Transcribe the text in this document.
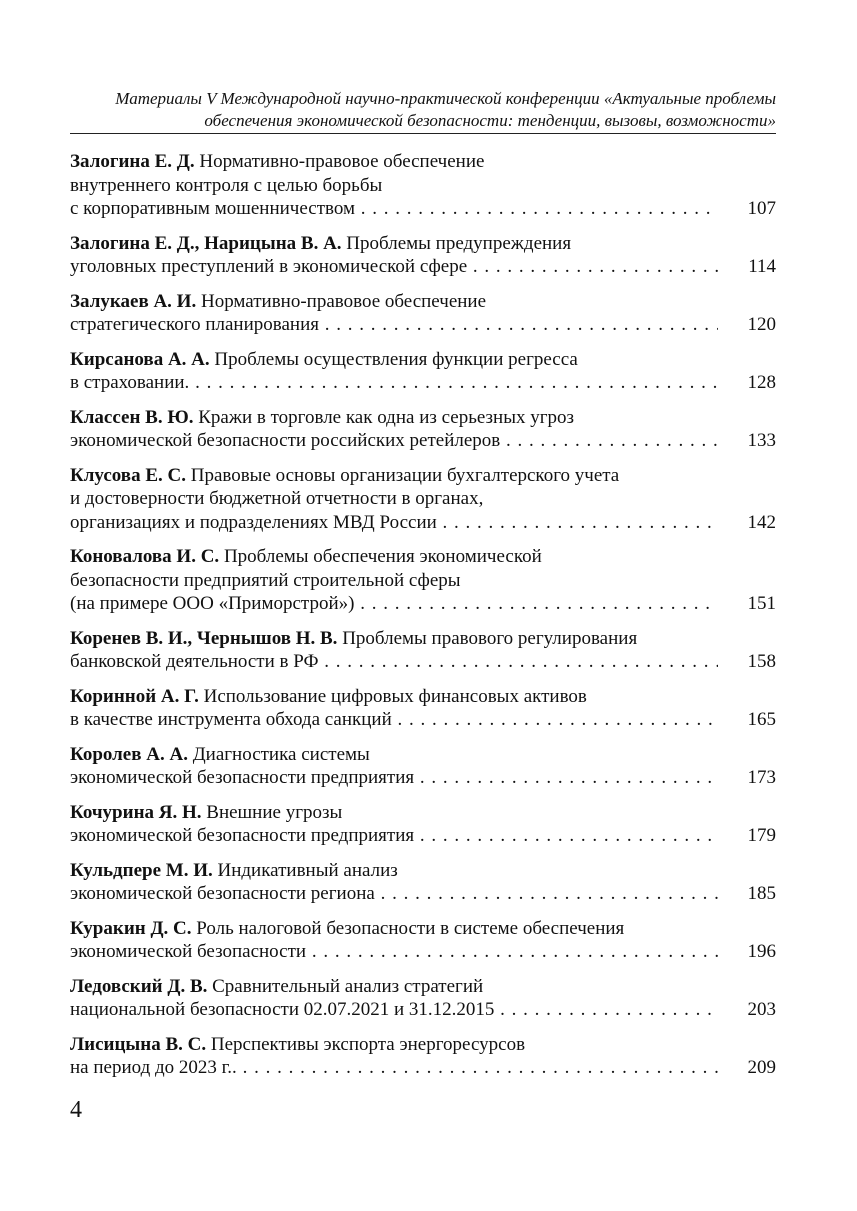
Материалы V Международной научно-практической конференции «Актуальные проблемы
обеспечения экономической безопасности: тенденции, вызовы, возможности»
Залогина Е. Д. Нормативно-правовое обеспечение
внутреннего контроля с целью борьбы
с корпоративным мошенничеством . . .	107
Залогина Е. Д., Нарицына В. А. Проблемы предупреждения
уголовных преступлений в экономической сфере . . .	114
Залукаев А. И. Нормативно-правовое обеспечение
стратегического планирования . . .	120
Кирсанова А. А. Проблемы осуществления функции регресса
в страховании. . . .	128
Классен В. Ю. Кражи в торговле как одна из серьезных угроз
экономической безопасности российских ретейлеров . . .	133
Клусова Е. С. Правовые основы организации бухгалтерского учета
и достоверности бюджетной отчетности в органах,
организациях и подразделениях МВД России . . .	142
Коновалова И. С. Проблемы обеспечения экономической
безопасности предприятий строительной сферы
(на примере ООО «Приморстрой») . . .	151
Коренев В. И., Чернышов Н. В. Проблемы правового регулирования
банковской деятельности в РФ . . .	158
Коринной А. Г. Использование цифровых финансовых активов
в качестве инструмента обхода санкций . . .	165
Королев А. А. Диагностика системы
экономической безопасности предприятия . . .	173
Кочурина Я. Н. Внешние угрозы
экономической безопасности предприятия . . .	179
Кульдпере М. И. Индикативный анализ
экономической безопасности региона . . .	185
Куракин Д. С. Роль налоговой безопасности в системе обеспечения
экономической безопасности . . .	196
Ледовский Д. В. Сравнительный анализ стратегий
национальной безопасности 02.07.2021 и 31.12.2015 . . .	203
Лисицына В. С. Перспективы экспорта энергоресурсов
на период до 2023 г.. . . .	209
4
